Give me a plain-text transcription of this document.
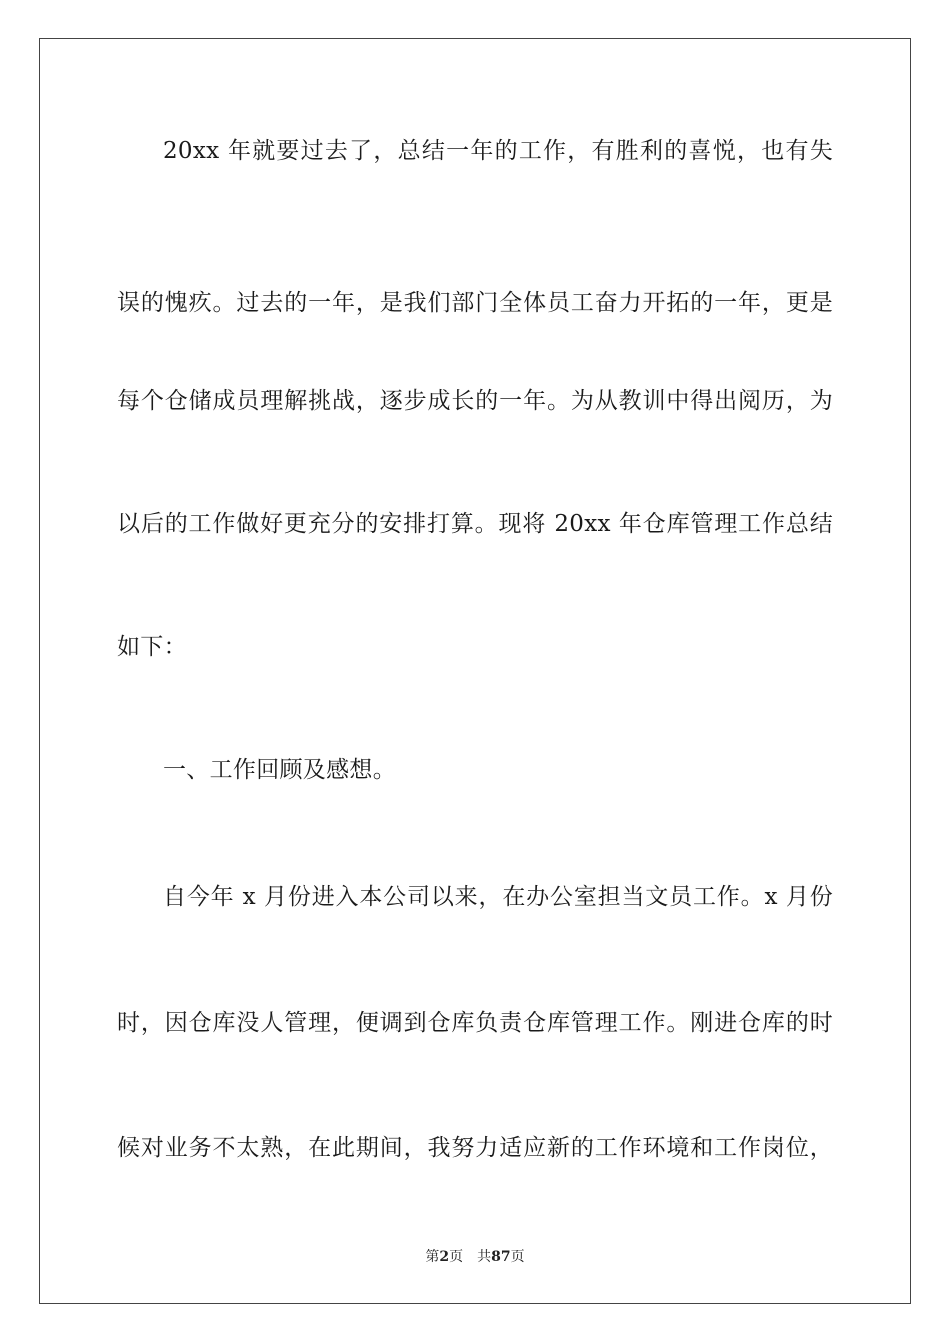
20xx 年就要过去了，总结一年的工作，有胜利的喜悦，也有失
误的愧疚。过去的一年，是我们部门全体员工奋力开拓的一年，更是
每个仓储成员理解挑战，逐步成长的一年。为从教训中得出阅历，为
以后的工作做好更充分的安排打算。现将 20xx 年仓库管理工作总结
如下：
一、工作回顾及感想。
自今年 x 月份进入本公司以来，在办公室担当文员工作。x 月份
时，因仓库没人管理，便调到仓库负责仓库管理工作。刚进仓库的时
候对业务不太熟，在此期间，我努力适应新的工作环境和工作岗位，
第2页 共87页
